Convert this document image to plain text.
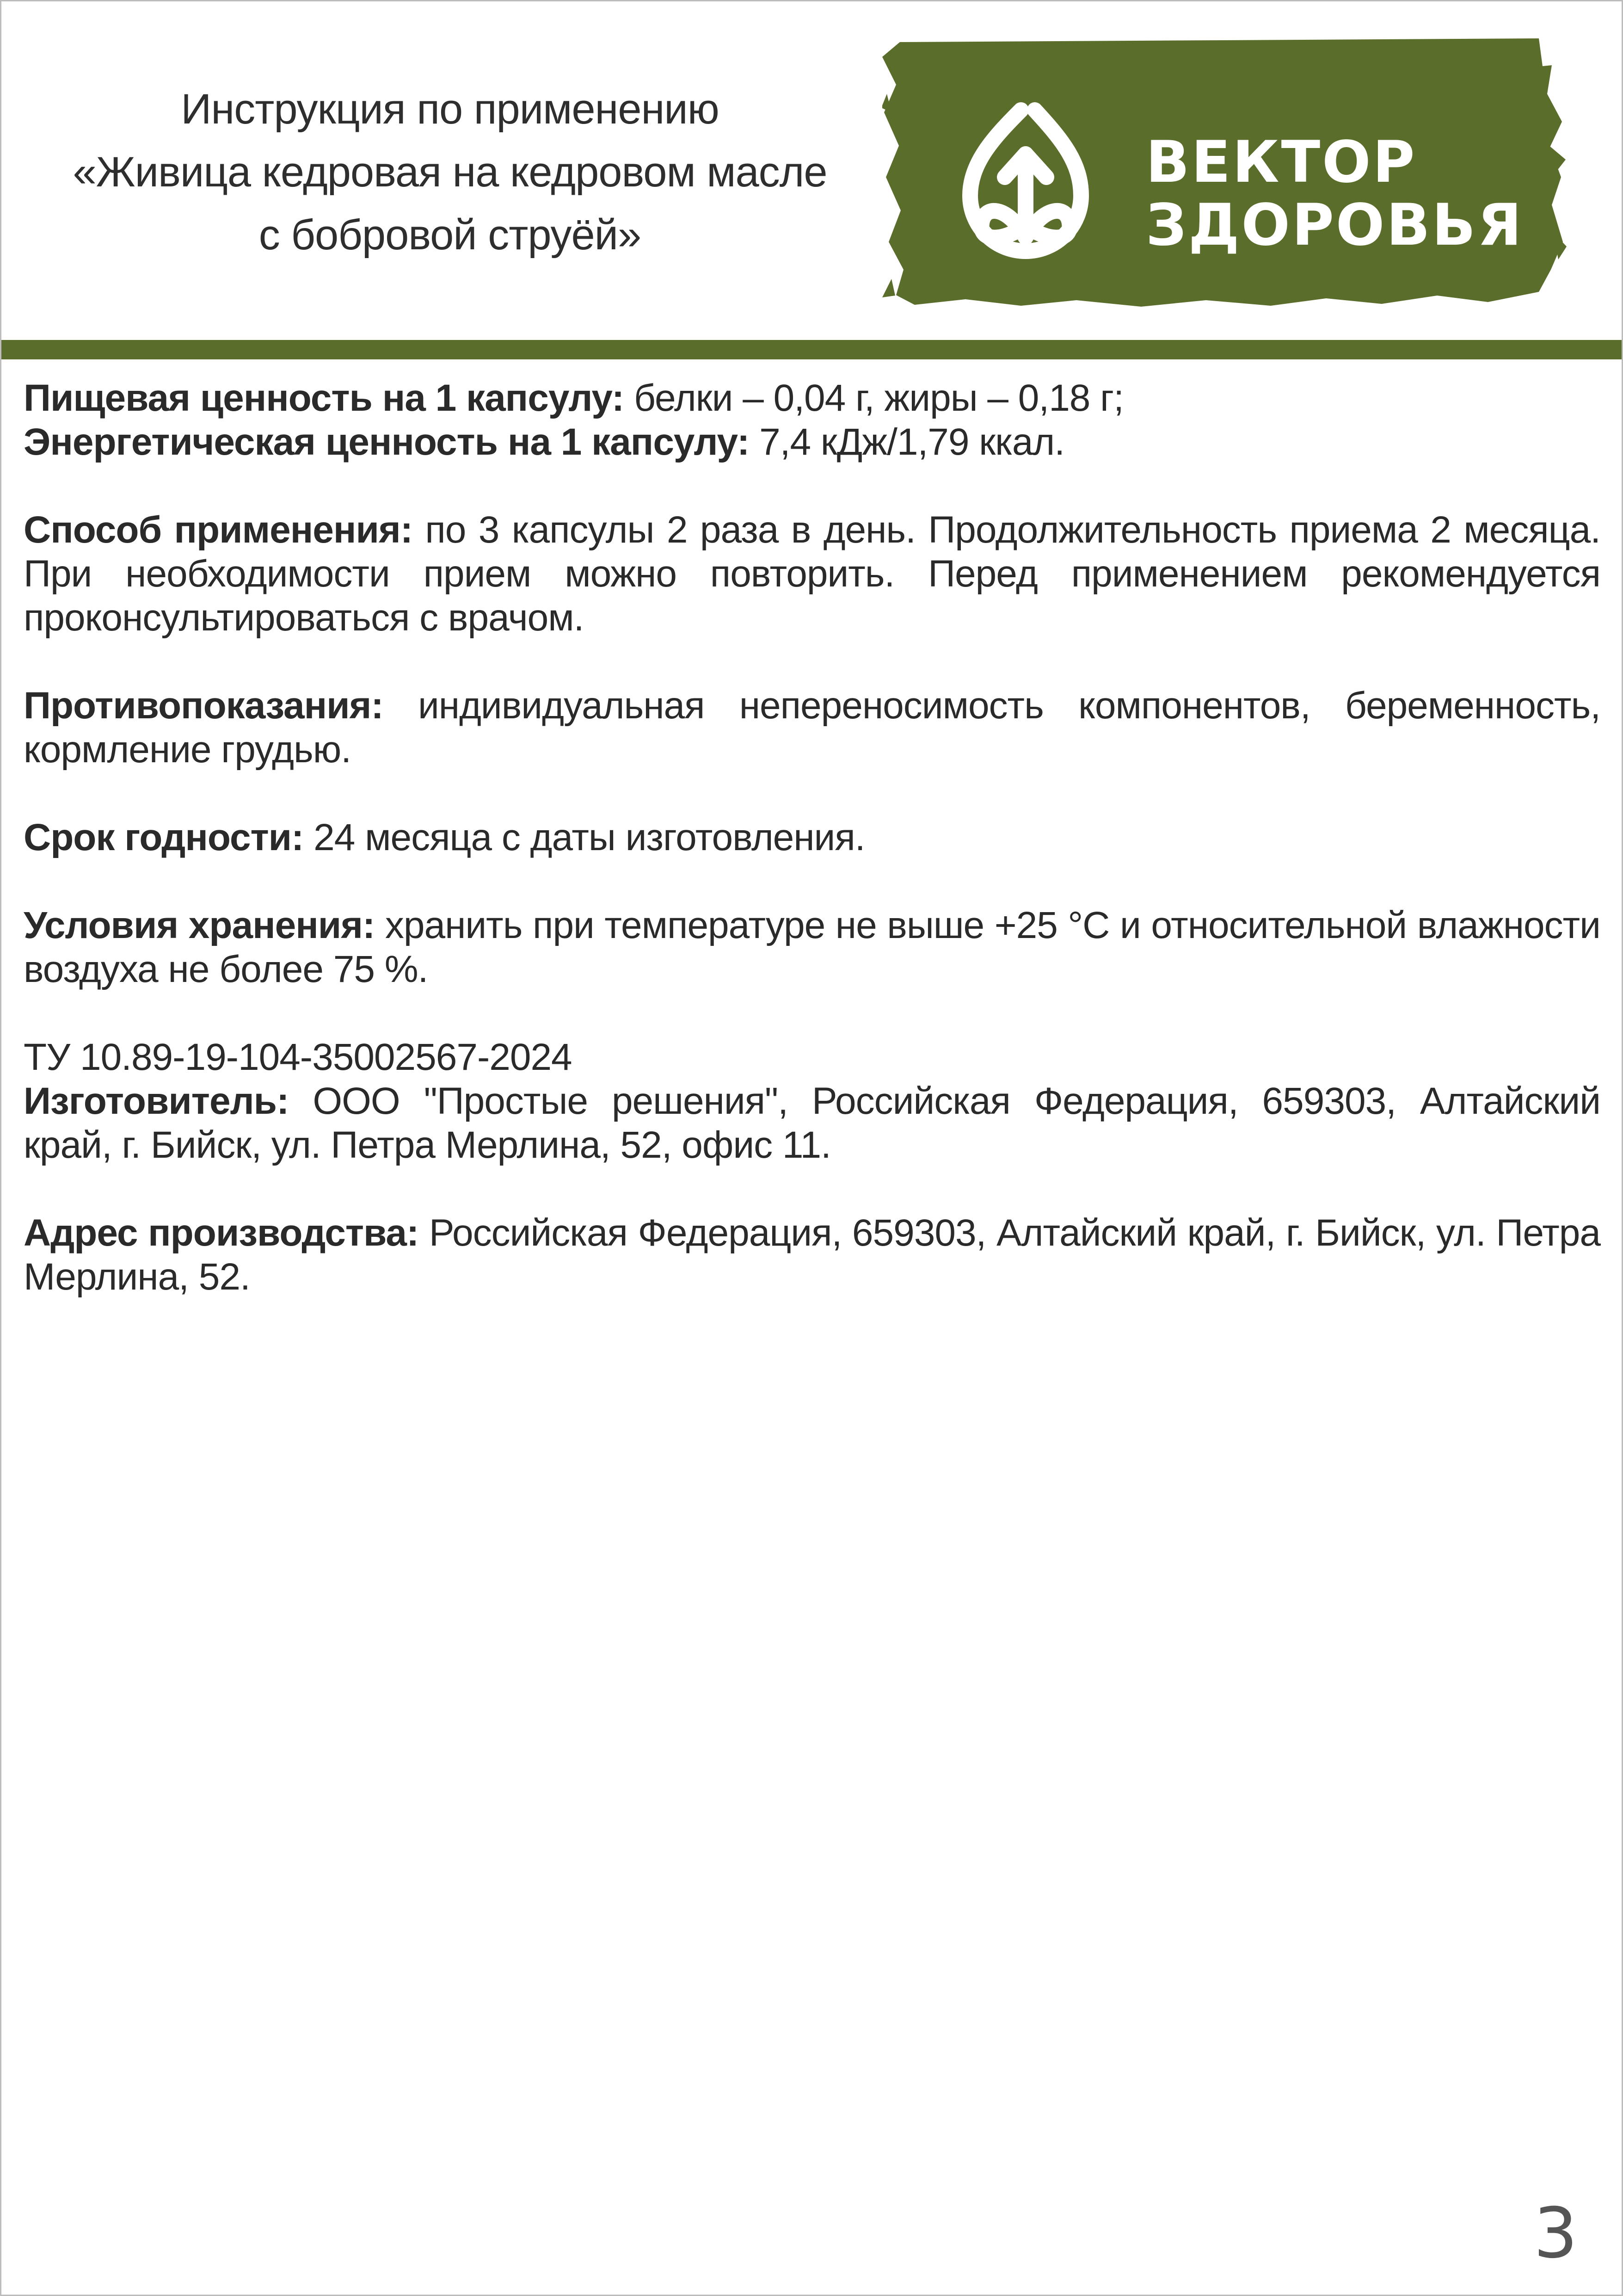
Инструкция по применению
«Живица кедровая на кедровом масле
с бобровой струёй»
ВЕКТОР
ЗДОРОВЬЯ

Пищевая ценность на 1 капсулу: белки – 0,04 г, жиры – 0,18 г;
Энергетическая ценность на 1 капсулу: 7,4 кДж/1,79 ккал.

Способ применения: по 3 капсулы 2 раза в день. Продолжительность приема 2 месяца. При необходимости прием можно повторить. Перед применением рекомендуется проконсультироваться с врачом.

Противопоказания: индивидуальная непереносимость компонентов, беременность, кормление грудью.

Срок годности: 24 месяца с даты изготовления.

Условия хранения: хранить при температуре не выше +25 °С и относительной влажности воздуха не более 75 %.

ТУ 10.89-19-104-35002567-2024
Изготовитель: ООО "Простые решения", Российская Федерация, 659303, Алтайский край, г. Бийск, ул. Петра Мерлина, 52, офис 11.

Адрес производства: Российская Федерация, 659303, Алтайский край, г. Бийск, ул. Петра Мерлина, 52.

3
